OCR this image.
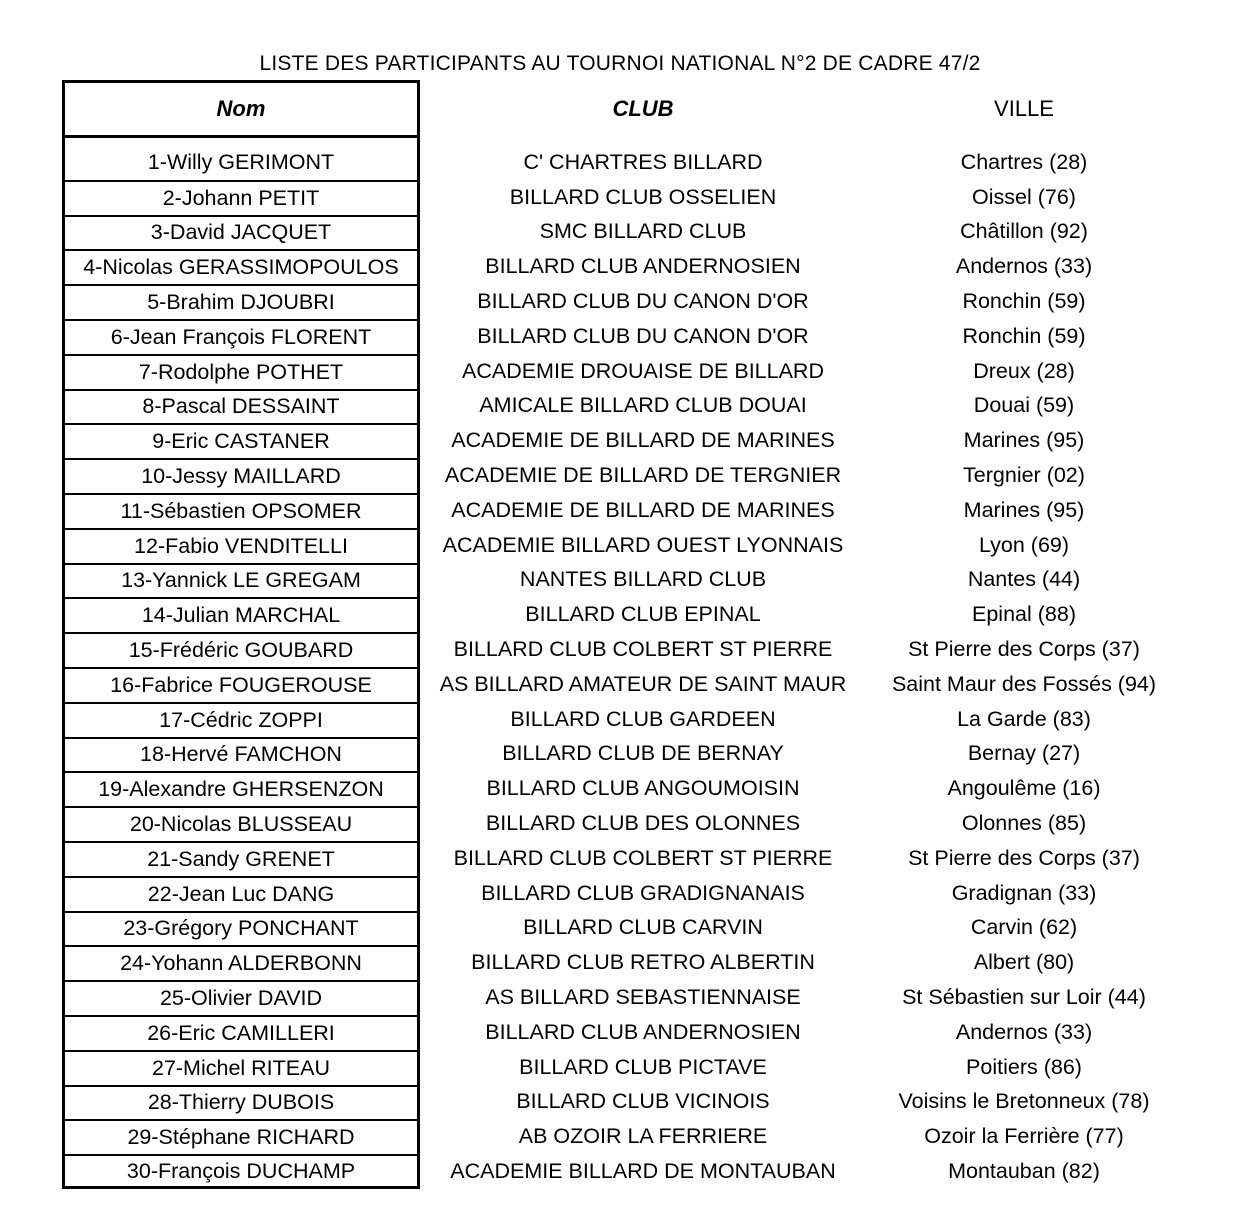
LISTE DES PARTICIPANTS AU TOURNOI NATIONAL N°2 DE CADRE 47/2
Nom	CLUB	VILLE
1-Willy GERIMONT	C' CHARTRES BILLARD	Chartres (28)
2-Johann PETIT	BILLARD CLUB OSSELIEN	Oissel (76)
3-David JACQUET	SMC BILLARD CLUB	Châtillon (92)
4-Nicolas GERASSIMOPOULOS	BILLARD CLUB ANDERNOSIEN	Andernos (33)
5-Brahim DJOUBRI	BILLARD CLUB DU CANON D'OR	Ronchin (59)
6-Jean François FLORENT	BILLARD CLUB DU CANON D'OR	Ronchin (59)
7-Rodolphe POTHET	ACADEMIE DROUAISE DE BILLARD	Dreux (28)
8-Pascal DESSAINT	AMICALE BILLARD CLUB DOUAI	Douai (59)
9-Eric CASTANER	ACADEMIE DE BILLARD DE MARINES	Marines (95)
10-Jessy MAILLARD	ACADEMIE DE BILLARD DE TERGNIER	Tergnier (02)
11-Sébastien OPSOMER	ACADEMIE DE BILLARD DE MARINES	Marines (95)
12-Fabio VENDITELLI	ACADEMIE BILLARD OUEST LYONNAIS	Lyon (69)
13-Yannick LE GREGAM	NANTES BILLARD CLUB	Nantes (44)
14-Julian MARCHAL	BILLARD CLUB EPINAL	Epinal (88)
15-Frédéric GOUBARD	BILLARD CLUB COLBERT ST PIERRE	St Pierre des Corps (37)
16-Fabrice FOUGEROUSE	AS BILLARD AMATEUR DE SAINT MAUR	Saint Maur des Fossés (94)
17-Cédric ZOPPI	BILLARD CLUB GARDEEN	La Garde (83)
18-Hervé FAMCHON	BILLARD CLUB DE BERNAY	Bernay (27)
19-Alexandre GHERSENZON	BILLARD CLUB ANGOUMOISIN	Angoulême (16)
20-Nicolas BLUSSEAU	BILLARD CLUB DES OLONNES	Olonnes (85)
21-Sandy GRENET	BILLARD CLUB COLBERT ST PIERRE	St Pierre des Corps (37)
22-Jean Luc DANG	BILLARD CLUB GRADIGNANAIS	Gradignan (33)
23-Grégory PONCHANT	BILLARD CLUB CARVIN	Carvin (62)
24-Yohann ALDERBONN	BILLARD CLUB RETRO ALBERTIN	Albert (80)
25-Olivier DAVID	AS BILLARD SEBASTIENNAISE	St Sébastien sur Loir (44)
26-Eric CAMILLERI	BILLARD CLUB ANDERNOSIEN	Andernos (33)
27-Michel RITEAU	BILLARD CLUB PICTAVE	Poitiers (86)
28-Thierry DUBOIS	BILLARD CLUB VICINOIS	Voisins le Bretonneux (78)
29-Stéphane RICHARD	AB OZOIR LA FERRIERE	Ozoir la Ferrière (77)
30-François DUCHAMP	ACADEMIE BILLARD DE MONTAUBAN	Montauban (82)
